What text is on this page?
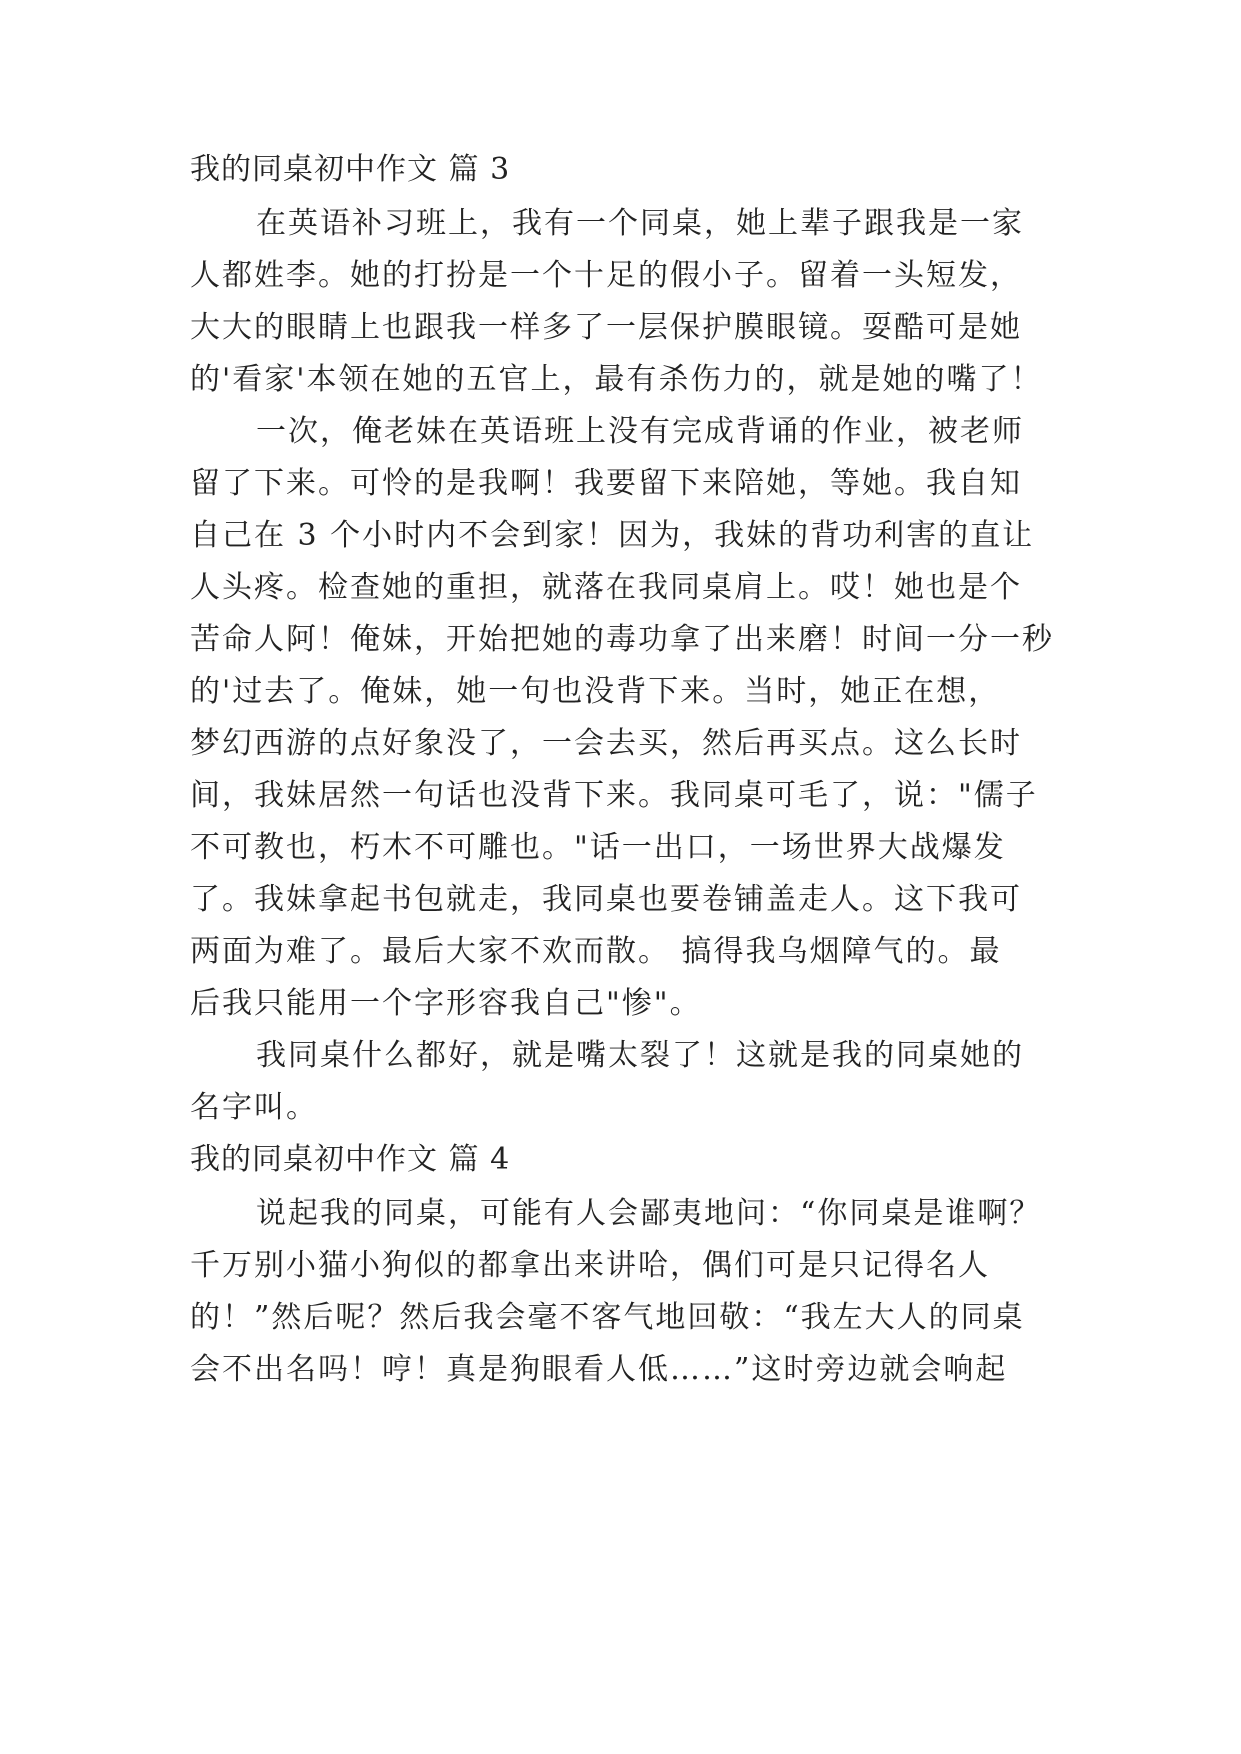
我的同桌初中作文 篇 3
在英语补习班上，我有一个同桌，她上辈子跟我是一家
人都姓李。她的打扮是一个十足的假小子。留着一头短发，
大大的眼睛上也跟我一样多了一层保护膜眼镜。耍酷可是她
的'看家'本领在她的五官上，最有杀伤力的，就是她的嘴了！
一次，俺老妹在英语班上没有完成背诵的作业，被老师
留了下来。可怜的是我啊！我要留下来陪她，等她。我自知
自己在 3 个小时内不会到家！因为，我妹的背功利害的直让
人头疼。检查她的重担，就落在我同桌肩上。哎！她也是个
苦命人阿！俺妹，开始把她的毒功拿了出来磨！时间一分一秒
的'过去了。俺妹，她一句也没背下来。当时，她正在想，
梦幻西游的点好象没了，一会去买，然后再买点。这么长时
间，我妹居然一句话也没背下来。我同桌可毛了，说："儒子
不可教也，朽木不可雕也。"话一出口，一场世界大战爆发
了。我妹拿起书包就走，我同桌也要卷铺盖走人。这下我可
两面为难了。最后大家不欢而散。 搞得我乌烟障气的。最
后我只能用一个字形容我自己"惨"。
我同桌什么都好，就是嘴太裂了！这就是我的同桌她的
名字叫。
我的同桌初中作文 篇 4
说起我的同桌，可能有人会鄙夷地问：“你同桌是谁啊？
千万别小猫小狗似的都拿出来讲哈，偶们可是只记得名人
的！”然后呢？然后我会毫不客气地回敬：“我左大人的同桌
会不出名吗！哼！真是狗眼看人低……”这时旁边就会响起
